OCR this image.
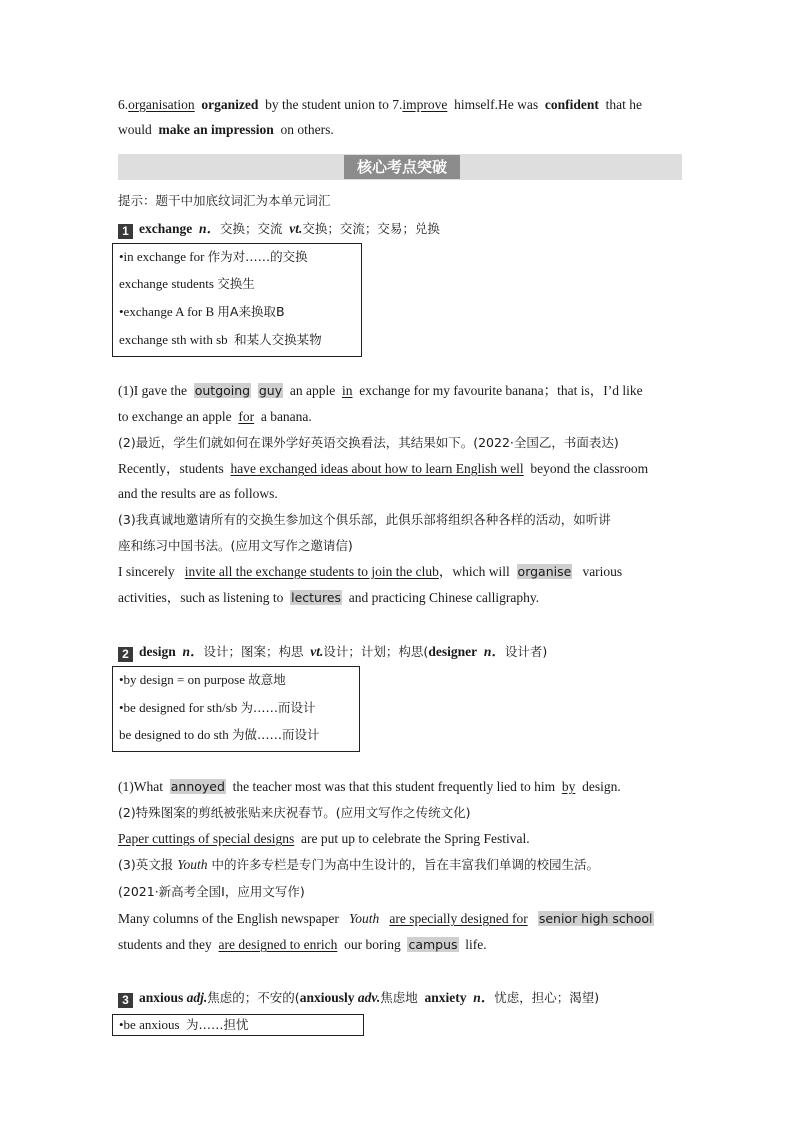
6.organisation organized by the student union to 7.improve himself.He was confident that he
would make an impression on others.
核心考点突破
提示：题干中加底纹词汇为本单元词汇
1 exchange n．交换；交流 vt.交换；交流；交易；兑换
•in exchange for 作为对……的交换
exchange students 交换生
•exchange A for B 用A来换取B
exchange sth with sb 和某人交换某物
(1)I gave the outgoing guy an apple in exchange for my favourite banana；that is，I’d like
to exchange an apple for a banana.
(2)最近，学生们就如何在课外学好英语交换看法，其结果如下。(2022·全国乙，书面表达)
Recently，students have exchanged ideas about how to learn English well beyond the classroom
and the results are as follows.
(3)我真诚地邀请所有的交换生参加这个俱乐部，此俱乐部将组织各种各样的活动，如听讲
座和练习中国书法。(应用文写作之邀请信)
I sincerely invite all the exchange students to join the club，which will organise various
activities，such as listening to lectures and practicing Chinese calligraphy.
2 design n．设计；图案；构思 vt.设计；计划；构思(designer n．设计者)
•by design = on purpose 故意地
•be designed for sth/sb 为……而设计
be designed to do sth 为做……而设计
(1)What annoyed the teacher most was that this student frequently lied to him by design.
(2)特殊图案的剪纸被张贴来庆祝春节。(应用文写作之传统文化)
Paper cuttings of special designs are put up to celebrate the Spring Festival.
(3)英文报 Youth 中的许多专栏是专门为高中生设计的，旨在丰富我们单调的校园生活。
(2021·新高考全国Ⅰ，应用文写作)
Many columns of the English newspaper Youth are specially designed for senior high school
students and they are designed to enrich our boring campus life.
3 anxious adj.焦虑的；不安的(anxiously adv.焦虑地 anxiety n．忧虑，担心；渴望)
•be anxious 为……担忧
